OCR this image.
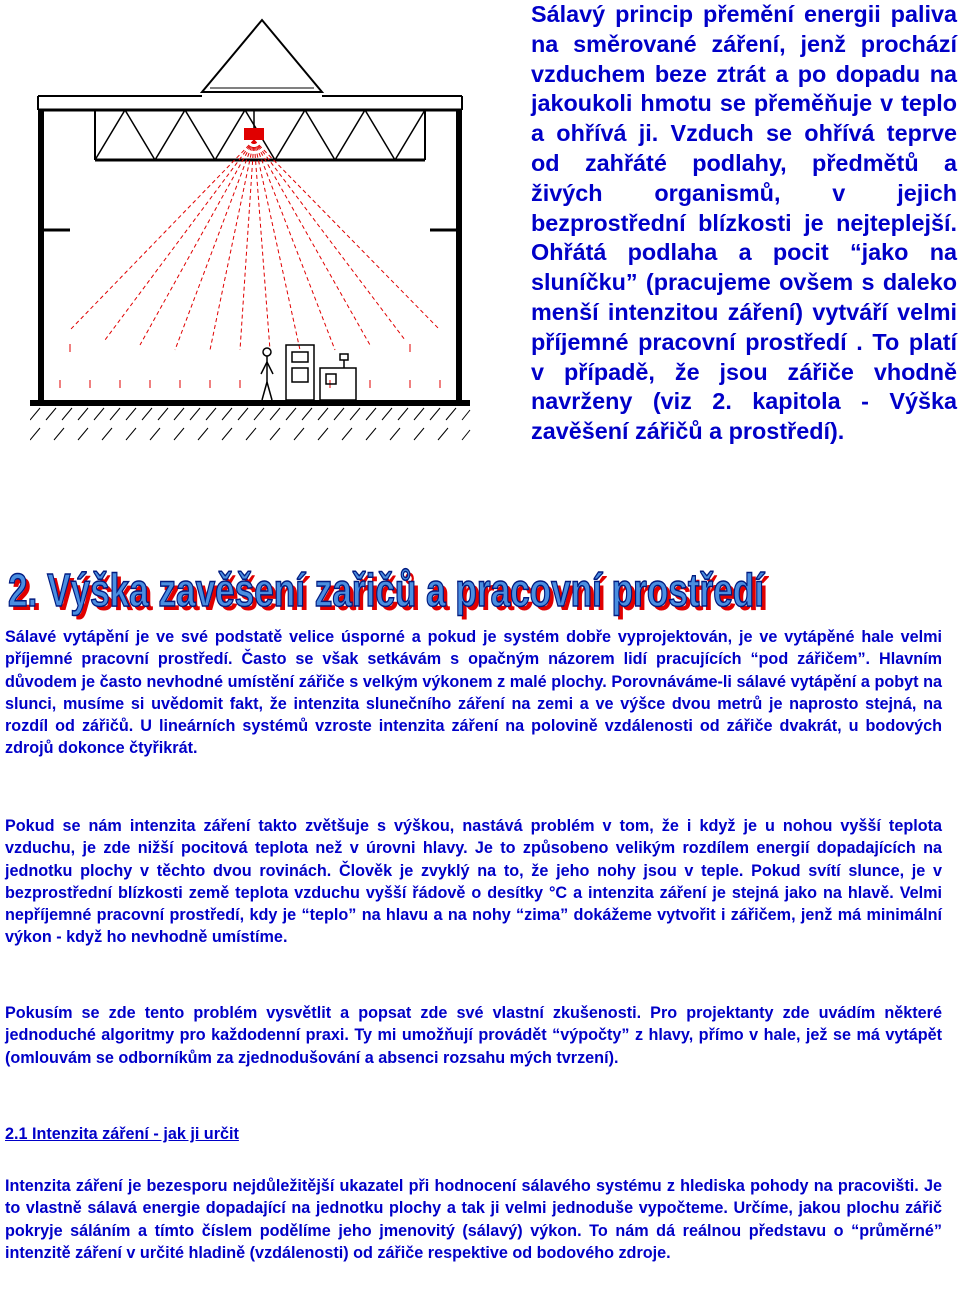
Sálavý princip přemění energii paliva na směrované záření, jenž prochází vzduchem beze ztrát a po dopadu na jakoukoli hmotu se přeměňuje v teplo a ohřívá ji. Vzduch se ohřívá teprve od zahřáté podlahy, předmětů a živých organismů, v jejich bezprostřední blízkosti je nejteplejší. Ohřátá podlaha a pocit “jako na sluníčku” (pracujeme ovšem s daleko menší intenzitou záření) vytváří velmi příjemné pracovní prostředí . To platí v případě, že jsou zářiče vhodně navrženy (viz 2. kapitola - Výška zavěšení zářičů a prostředí).

2. Výška zavěšení zařičů a pracovní prostředí
2. Výška zavěšení zařičů a pracovní prostředí

Sálavé vytápění je ve své podstatě velice úsporné a pokud je systém dobře vyprojektován, je ve vytápěné hale velmi příjemné pracovní prostředí. Často se však setkávám s opačným názorem lidí pracujících “pod zářičem”. Hlavním důvodem je často nevhodné umístění zářiče s velkým výkonem z malé plochy. Porovnáváme-li sálavé vytápění a pobyt na slunci, musíme si uvědomit fakt, že intenzita slunečního záření na zemi a ve výšce dvou metrů je naprosto stejná, na rozdíl od zářičů. U lineárních systémů vzroste intenzita záření na polovině vzdálenosti od zářiče dvakrát, u bodových zdrojů dokonce čtyřikrát.

Pokud se nám intenzita záření takto zvětšuje s výškou, nastává problém v tom, že i když je u nohou vyšší teplota vzduchu, je zde nižší pocitová teplota než v úrovni hlavy. Je to způsobeno velikým rozdílem energií dopadajících na jednotku plochy v těchto dvou rovinách. Člověk je zvyklý na to, že jeho nohy jsou v teple. Pokud svítí slunce, je v bezprostřední blízkosti země teplota vzduchu vyšší řádově o desítky °C a intenzita záření je stejná jako na hlavě. Velmi nepříjemné pracovní prostředí, kdy je “teplo” na hlavu a na nohy “zima” dokážeme vytvořit i zářičem, jenž má minimální výkon - když ho nevhodně umístíme.

Pokusím se zde tento problém vysvětlit a popsat zde své vlastní zkušenosti. Pro projektanty zde uvádím některé jednoduché algoritmy pro každodenní praxi. Ty mi umožňují provádět “výpočty” z hlavy, přímo v hale, jež se má vytápět (omlouvám se odborníkům za zjednodušování a absenci rozsahu mých tvrzení).

2.1 Intenzita záření - jak ji určit

Intenzita záření je bezesporu nejdůležitější ukazatel při hodnocení sálavého systému z hlediska pohody na pracovišti. Je to vlastně sálavá energie dopadající na jednotku plochy a tak ji velmi jednoduše vypočteme. Určíme, jakou plochu zářič pokryje sáláním a tímto číslem podělíme jeho jmenovitý (sálavý) výkon. To nám dá reálnou představu o “průměrné” intenzitě záření v určité hladině (vzdálenosti) od zářiče respektive od bodového zdroje.
